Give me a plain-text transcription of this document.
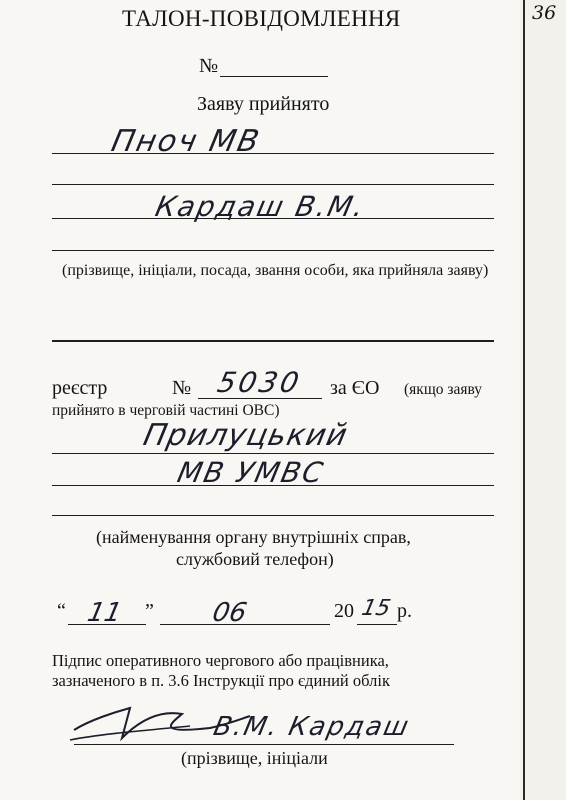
36
ТАЛОН-ПОВІДОМЛЕННЯ
№
Заяву прийнято
Пноч МВ
Кардаш В.М.
(прізвище, ініціали, посада, звання особи, яка прийняла заяву)
реєстр	№ 5030 за ЄО (якщо заяву
прийнято в черговій частині ОВС)
Прилуцький
МВ УМВС
(найменування органу внутрішніх справ,
службовий телефон)
“ 11 ” 06	20 15 р.
Підпис оперативного чергового або працівника,
зазначеного в п. 3.6 Інструкції про єдиний облік
В.М. Кардаш
(прізвище, ініціали
